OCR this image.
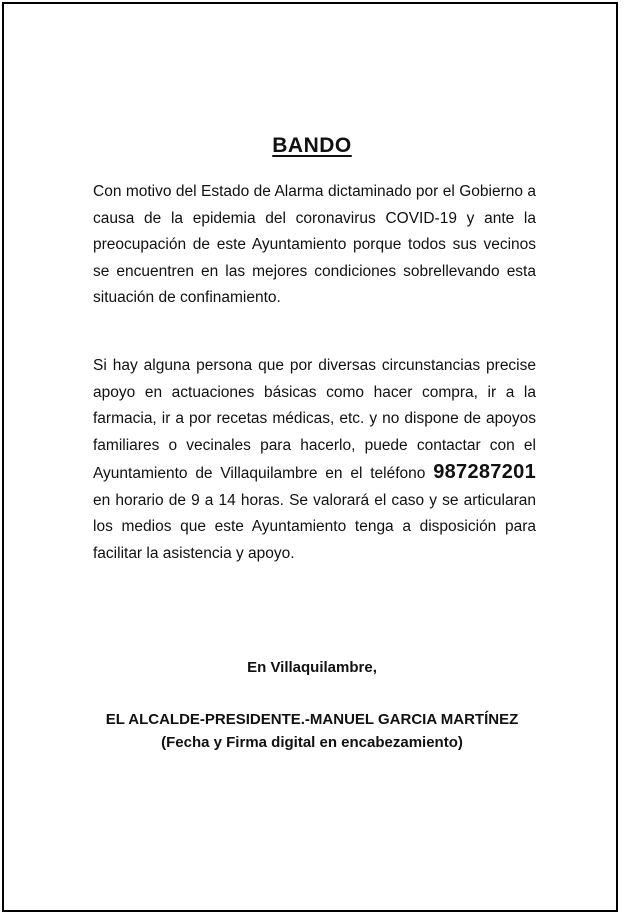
BANDO

Con motivo del Estado de Alarma dictaminado por el Gobierno a causa de la epidemia del coronavirus COVID-19 y ante la preocupación de este Ayuntamiento porque todos sus vecinos se encuentren en las mejores condiciones sobrellevando esta situación de confinamiento.

Si hay alguna persona que por diversas circunstancias precise apoyo en actuaciones básicas como hacer compra, ir a la farmacia, ir a por recetas médicas, etc. y no dispone de apoyos familiares o vecinales para hacerlo, puede contactar con el Ayuntamiento de Villaquilambre en el teléfono 987287201 en horario de 9 a 14 horas. Se valorará el caso y se articularan los medios que este Ayuntamiento tenga a disposición para facilitar la asistencia y apoyo.

En Villaquilambre,

EL ALCALDE-PRESIDENTE.-MANUEL GARCIA MARTÍNEZ

(Fecha y Firma digital en encabezamiento)
